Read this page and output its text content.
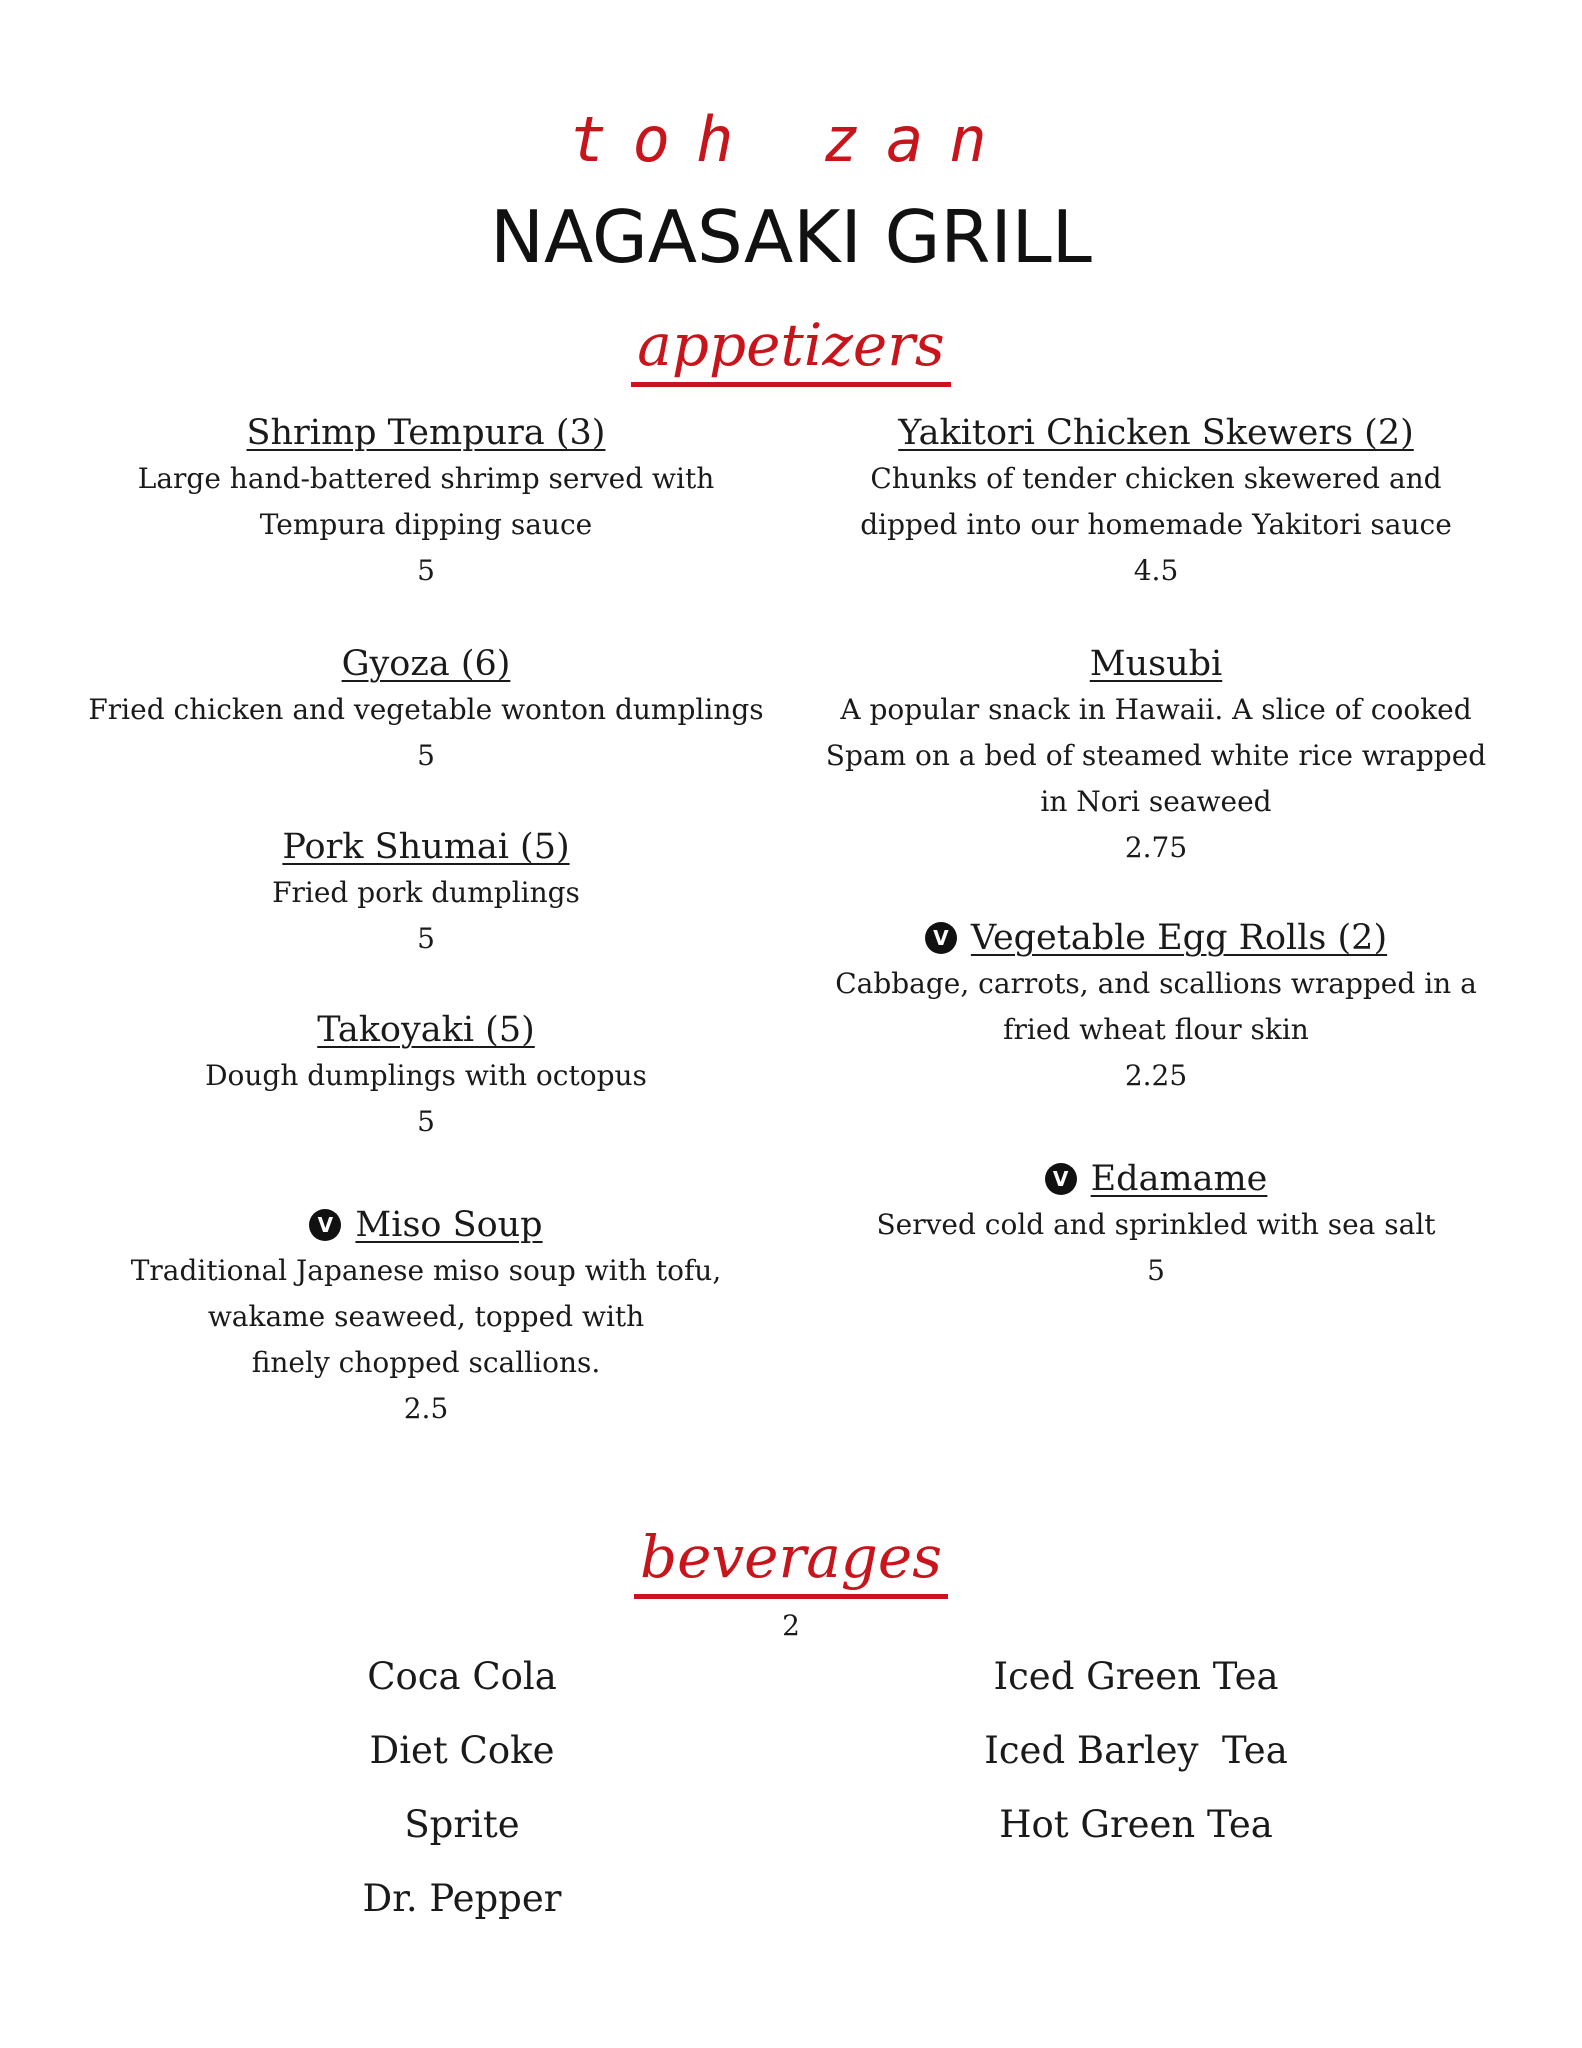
toh zan
NAGASAKI GRILL
appetizers
Shrimp Tempura (3)
Large hand-battered shrimp served with
Tempura dipping sauce
5
Gyoza (6)
Fried chicken and vegetable wonton dumplings
5
Pork Shumai (5)
Fried pork dumplings
5
Takoyaki (5)
Dough dumplings with octopus
5
V Miso Soup
Traditional Japanese miso soup with tofu,
wakame seaweed, topped with
finely chopped scallions.
2.5
Yakitori Chicken Skewers (2)
Chunks of tender chicken skewered and
dipped into our homemade Yakitori sauce
4.5
Musubi
A popular snack in Hawaii. A slice of cooked
Spam on a bed of steamed white rice wrapped
in Nori seaweed
2.75
V Vegetable Egg Rolls (2)
Cabbage, carrots, and scallions wrapped in a
fried wheat flour skin
2.25
V Edamame
Served cold and sprinkled with sea salt
5
beverages
2
Coca Cola
Diet Coke
Sprite
Dr. Pepper
Iced Green Tea
Iced Barley  Tea
Hot Green Tea
